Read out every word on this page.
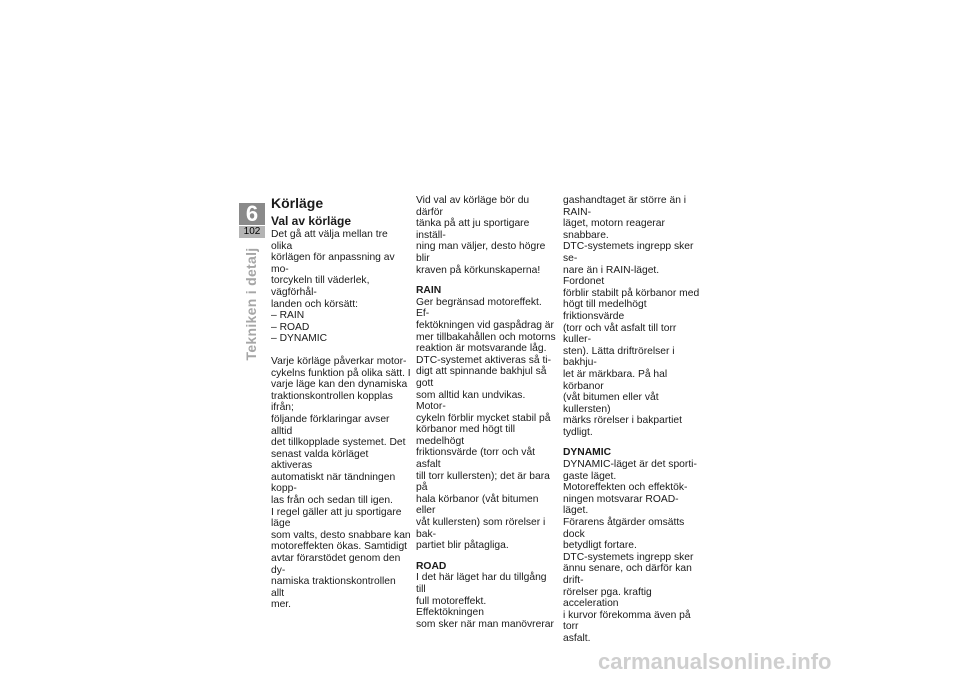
6
102
Tekniken i detalj
Körläge
Val av körläge

Det gå att välja mellan tre olika
körlägen för anpassning av mo-
torcykeln till väderlek, vägförhål-
landen och körsätt:

– RAIN
– ROAD
– DYNAMIC

Varje körläge påverkar motor-
cykelns funktion på olika sätt. I
varje läge kan den dynamiska
traktionskontrollen kopplas ifrån;
följande förklaringar avser alltid
det tillkopplade systemet. Det
senast valda körläget aktiveras
automatiskt när tändningen kopp-
las från och sedan till igen.
I regel gäller att ju sportigare läge
som valts, desto snabbare kan
motoreffekten ökas. Samtidigt
avtar förarstödet genom den dy-
namiska traktionskontrollen allt
mer.

Vid val av körläge bör du därför
tänka på att ju sportigare inställ-
ning man väljer, desto högre blir
kraven på körkunskaperna!

RAIN

Ger begränsad motoreffekt. Ef-
fektökningen vid gaspådrag är
mer tillbakahållen och motorns
reaktion är motsvarande låg.
DTC-systemet aktiveras så ti-
digt att spinnande bakhjul så gott
som alltid kan undvikas. Motor-
cykeln förblir mycket stabil på
körbanor med högt till medelhögt
friktionsvärde (torr och våt asfalt
till torr kullersten); det är bara på
hala körbanor (våt bitumen eller
våt kullersten) som rörelser i bak-
partiet blir påtagliga.

ROAD

I det här läget har du tillgång till
full motoreffekt. Effektökningen
som sker när man manövrerar

gashandtaget är större än i RAIN-
läget, motorn reagerar snabbare.
DTC-systemets ingrepp sker se-
nare än i RAIN-läget. Fordonet
förblir stabilt på körbanor med
högt till medelhögt friktionsvärde
(torr och våt asfalt till torr kuller-
sten). Lätta driftrörelser i bakhju-
let är märkbara. På hal körbanor
(våt bitumen eller våt kullersten)
märks rörelser i bakpartiet tydligt.

DYNAMIC

DYNAMIC-läget är det sporti-
gaste läget.
Motoreffekten och effektök-
ningen motsvarar ROAD-läget.
Förarens åtgärder omsätts dock
betydligt fortare.
DTC-systemets ingrepp sker
ännu senare, och därför kan drift-
rörelser pga. kraftig acceleration
i kurvor förekomma även på torr
asfalt.

carmanualsonline.info
